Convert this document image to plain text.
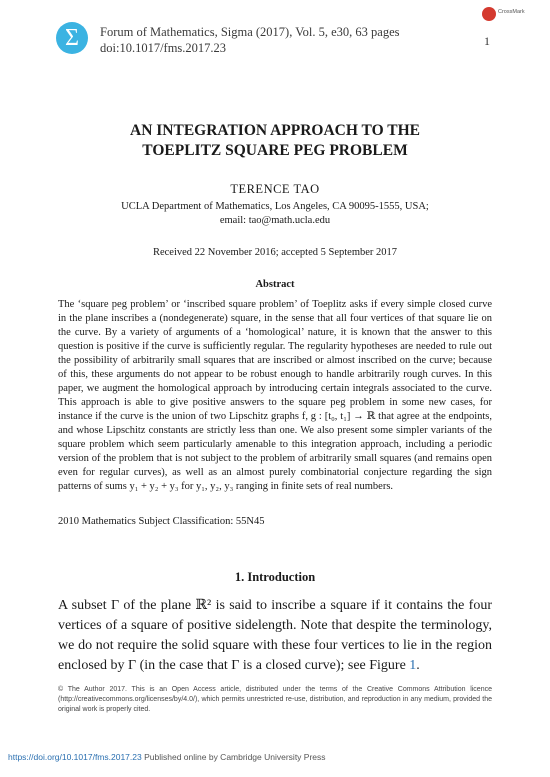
Σ	Forum of Mathematics, Sigma (2017), Vol. 5, e30, 63 pages
doi:10.1017/fms.2017.23
CrossMark
1
AN INTEGRATION APPROACH TO THE
TOEPLITZ SQUARE PEG PROBLEM
TERENCE TAO
UCLA Department of Mathematics, Los Angeles, CA 90095-1555, USA;
email: tao@math.ucla.edu
Received 22 November 2016; accepted 5 September 2017
Abstract
The ‘square peg problem’ or ‘inscribed square problem’ of Toeplitz asks if every simple closed curve in the plane inscribes a (nondegenerate) square, in the sense that all four vertices of that square lie on the curve. By a variety of arguments of a ‘homological’ nature, it is known that the answer to this question is positive if the curve is sufficiently regular. The regularity hypotheses are needed to rule out the possibility of arbitrarily small squares that are inscribed or almost inscribed on the curve; because of this, these arguments do not appear to be robust enough to handle arbitrarily rough curves. In this paper, we augment the homological approach by introducing certain integrals associated to the curve. This approach is able to give positive answers to the square peg problem in some new cases, for instance if the curve is the union of two Lipschitz graphs f, g : [t₀, t₁] → ℝ that agree at the endpoints, and whose Lipschitz constants are strictly less than one. We also present some simpler variants of the square problem which seem particularly amenable to this integration approach, including a periodic version of the problem that is not subject to the problem of arbitrarily small squares (and remains open even for regular curves), as well as an almost purely combinatorial conjecture regarding the sign patterns of sums y₁ + y₂ + y₃ for y₁, y₂, y₃ ranging in finite sets of real numbers.
2010 Mathematics Subject Classification: 55N45
1. Introduction
A subset Γ of the plane ℝ² is said to inscribe a square if it contains the four vertices of a square of positive sidelength. Note that despite the terminology, we do not require the solid square with these four vertices to lie in the region enclosed by Γ (in the case that Γ is a closed curve); see Figure 1.
© The Author 2017. This is an Open Access article, distributed under the terms of the Creative Commons Attribution licence (http://creativecommons.org/licenses/by/4.0/), which permits unrestricted re-use, distribution, and reproduction in any medium, provided the original work is properly cited.
https://doi.org/10.1017/fms.2017.23 Published online by Cambridge University Press
